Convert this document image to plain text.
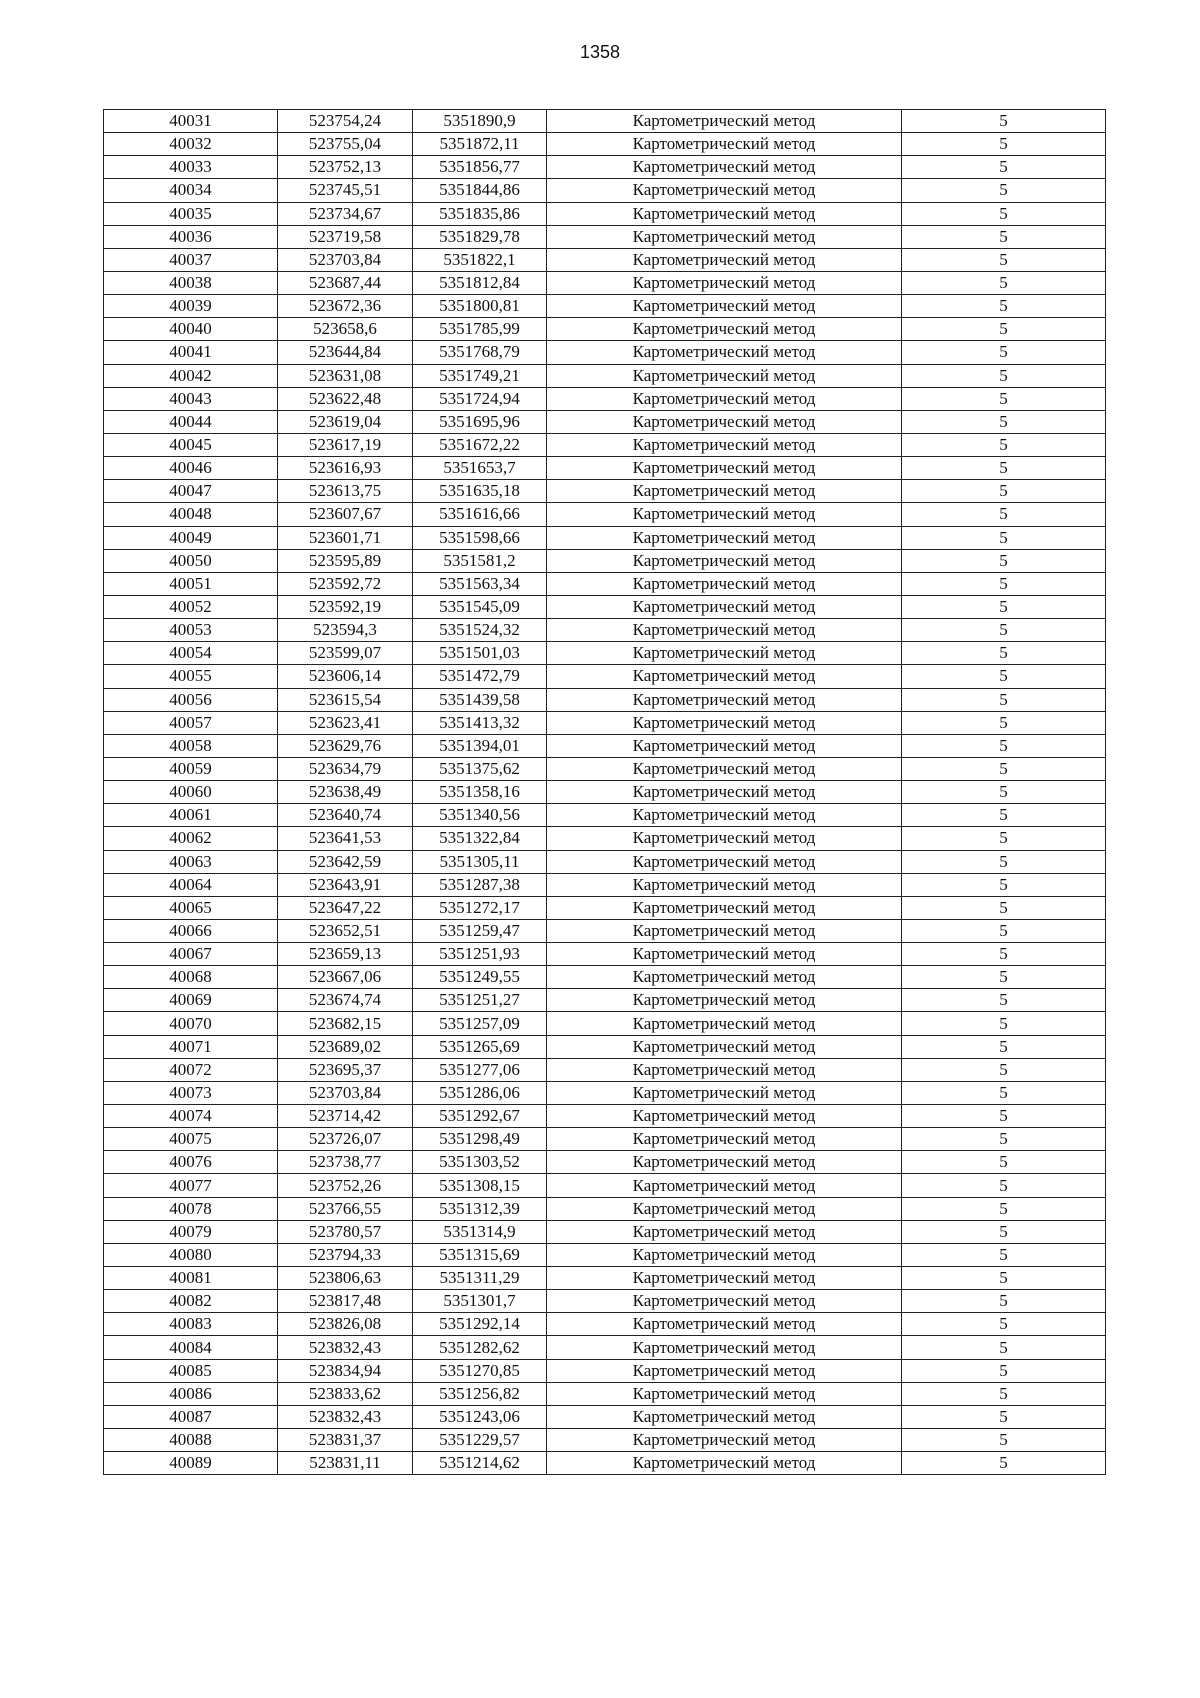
1358
40031	523754,24	5351890,9	Картометрический метод	5
40032	523755,04	5351872,11	Картометрический метод	5
40033	523752,13	5351856,77	Картометрический метод	5
40034	523745,51	5351844,86	Картометрический метод	5
40035	523734,67	5351835,86	Картометрический метод	5
40036	523719,58	5351829,78	Картометрический метод	5
40037	523703,84	5351822,1	Картометрический метод	5
40038	523687,44	5351812,84	Картометрический метод	5
40039	523672,36	5351800,81	Картометрический метод	5
40040	523658,6	5351785,99	Картометрический метод	5
40041	523644,84	5351768,79	Картометрический метод	5
40042	523631,08	5351749,21	Картометрический метод	5
40043	523622,48	5351724,94	Картометрический метод	5
40044	523619,04	5351695,96	Картометрический метод	5
40045	523617,19	5351672,22	Картометрический метод	5
40046	523616,93	5351653,7	Картометрический метод	5
40047	523613,75	5351635,18	Картометрический метод	5
40048	523607,67	5351616,66	Картометрический метод	5
40049	523601,71	5351598,66	Картометрический метод	5
40050	523595,89	5351581,2	Картометрический метод	5
40051	523592,72	5351563,34	Картометрический метод	5
40052	523592,19	5351545,09	Картометрический метод	5
40053	523594,3	5351524,32	Картометрический метод	5
40054	523599,07	5351501,03	Картометрический метод	5
40055	523606,14	5351472,79	Картометрический метод	5
40056	523615,54	5351439,58	Картометрический метод	5
40057	523623,41	5351413,32	Картометрический метод	5
40058	523629,76	5351394,01	Картометрический метод	5
40059	523634,79	5351375,62	Картометрический метод	5
40060	523638,49	5351358,16	Картометрический метод	5
40061	523640,74	5351340,56	Картометрический метод	5
40062	523641,53	5351322,84	Картометрический метод	5
40063	523642,59	5351305,11	Картометрический метод	5
40064	523643,91	5351287,38	Картометрический метод	5
40065	523647,22	5351272,17	Картометрический метод	5
40066	523652,51	5351259,47	Картометрический метод	5
40067	523659,13	5351251,93	Картометрический метод	5
40068	523667,06	5351249,55	Картометрический метод	5
40069	523674,74	5351251,27	Картометрический метод	5
40070	523682,15	5351257,09	Картометрический метод	5
40071	523689,02	5351265,69	Картометрический метод	5
40072	523695,37	5351277,06	Картометрический метод	5
40073	523703,84	5351286,06	Картометрический метод	5
40074	523714,42	5351292,67	Картометрический метод	5
40075	523726,07	5351298,49	Картометрический метод	5
40076	523738,77	5351303,52	Картометрический метод	5
40077	523752,26	5351308,15	Картометрический метод	5
40078	523766,55	5351312,39	Картометрический метод	5
40079	523780,57	5351314,9	Картометрический метод	5
40080	523794,33	5351315,69	Картометрический метод	5
40081	523806,63	5351311,29	Картометрический метод	5
40082	523817,48	5351301,7	Картометрический метод	5
40083	523826,08	5351292,14	Картометрический метод	5
40084	523832,43	5351282,62	Картометрический метод	5
40085	523834,94	5351270,85	Картометрический метод	5
40086	523833,62	5351256,82	Картометрический метод	5
40087	523832,43	5351243,06	Картометрический метод	5
40088	523831,37	5351229,57	Картометрический метод	5
40089	523831,11	5351214,62	Картометрический метод	5
